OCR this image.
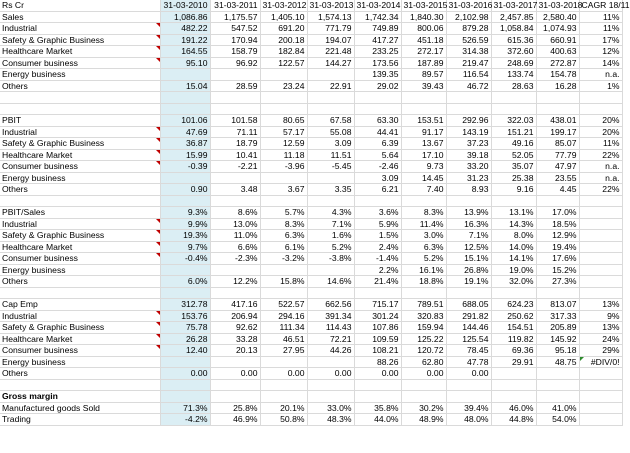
Rs Cr	31-03-2010	31-03-2011	31-03-2012	31-03-2013	31-03-2014	31-03-2015	31-03-2016	31-03-2017	31-03-2018	CAGR 18/11
Sales	1,086.86	1,175.57	1,405.10	1,574.13	1,742.34	1,840.30	2,102.98	2,457.85	2,580.40	11%
Industrial	482.22	547.52	691.20	771.79	749.89	800.06	879.28	1,058.84	1,074.93	11%
Safety & Graphic Business	191.22	170.94	200.18	194.07	417.27	451.18	526.59	615.36	660.91	17%
Healthcare Market	164.55	158.79	182.84	221.48	233.25	272.17	314.38	372.60	400.63	12%
Consumer business	95.10	96.92	122.57	144.27	173.56	187.89	219.47	248.69	272.87	14%
Energy business					139.35	89.57	116.54	133.74	154.78	n.a.
Others	15.04	28.59	23.24	22.91	29.02	39.43	46.72	28.63	16.28	1%

PBIT	101.06	101.58	80.65	67.58	63.30	153.51	292.96	322.03	438.01	20%
Industrial	47.69	71.11	57.17	55.08	44.41	91.17	143.19	151.21	199.17	20%
Safety & Graphic Business	36.87	18.79	12.59	3.09	6.39	13.67	37.23	49.16	85.07	11%
Healthcare Market	15.99	10.41	11.18	11.51	5.64	17.10	39.18	52.05	77.79	22%
Consumer business	-0.39	-2.21	-3.96	-5.45	-2.46	9.73	33.20	35.07	47.97	n.a.
Energy business					3.09	14.45	31.23	25.38	23.55	n.a.
Others	0.90	3.48	3.67	3.35	6.21	7.40	8.93	9.16	4.45	22%

PBIT/Sales	9.3%	8.6%	5.7%	4.3%	3.6%	8.3%	13.9%	13.1%	17.0%	
Industrial	9.9%	13.0%	8.3%	7.1%	5.9%	11.4%	16.3%	14.3%	18.5%	
Safety & Graphic Business	19.3%	11.0%	6.3%	1.6%	1.5%	3.0%	7.1%	8.0%	12.9%	
Healthcare Market	9.7%	6.6%	6.1%	5.2%	2.4%	6.3%	12.5%	14.0%	19.4%	
Consumer business	-0.4%	-2.3%	-3.2%	-3.8%	-1.4%	5.2%	15.1%	14.1%	17.6%	
Energy business					2.2%	16.1%	26.8%	19.0%	15.2%	
Others	6.0%	12.2%	15.8%	14.6%	21.4%	18.8%	19.1%	32.0%	27.3%	

Cap Emp	312.78	417.16	522.57	662.56	715.17	789.51	688.05	624.23	813.07	13%
Industrial	153.76	206.94	294.16	391.34	301.24	320.83	291.82	250.62	317.33	9%
Safety & Graphic Business	75.78	92.62	111.34	114.43	107.86	159.94	144.46	154.51	205.89	13%
Healthcare Market	26.28	33.28	46.51	72.21	109.59	125.22	125.54	119.82	145.92	24%
Consumer business	12.40	20.13	27.95	44.26	108.21	120.72	78.45	69.36	95.18	29%
Energy business					88.26	62.80	47.78	29.91	48.75	#DIV/0!
Others	0.00	0.00	0.00	0.00	0.00	0.00	0.00			

Gross margin										
Manufactured goods Sold	71.3%	25.8%	20.1%	33.0%	35.8%	30.2%	39.4%	46.0%	41.0%	
Trading	-4.2%	46.9%	50.8%	48.3%	44.0%	48.9%	48.0%	44.8%	54.0%	
